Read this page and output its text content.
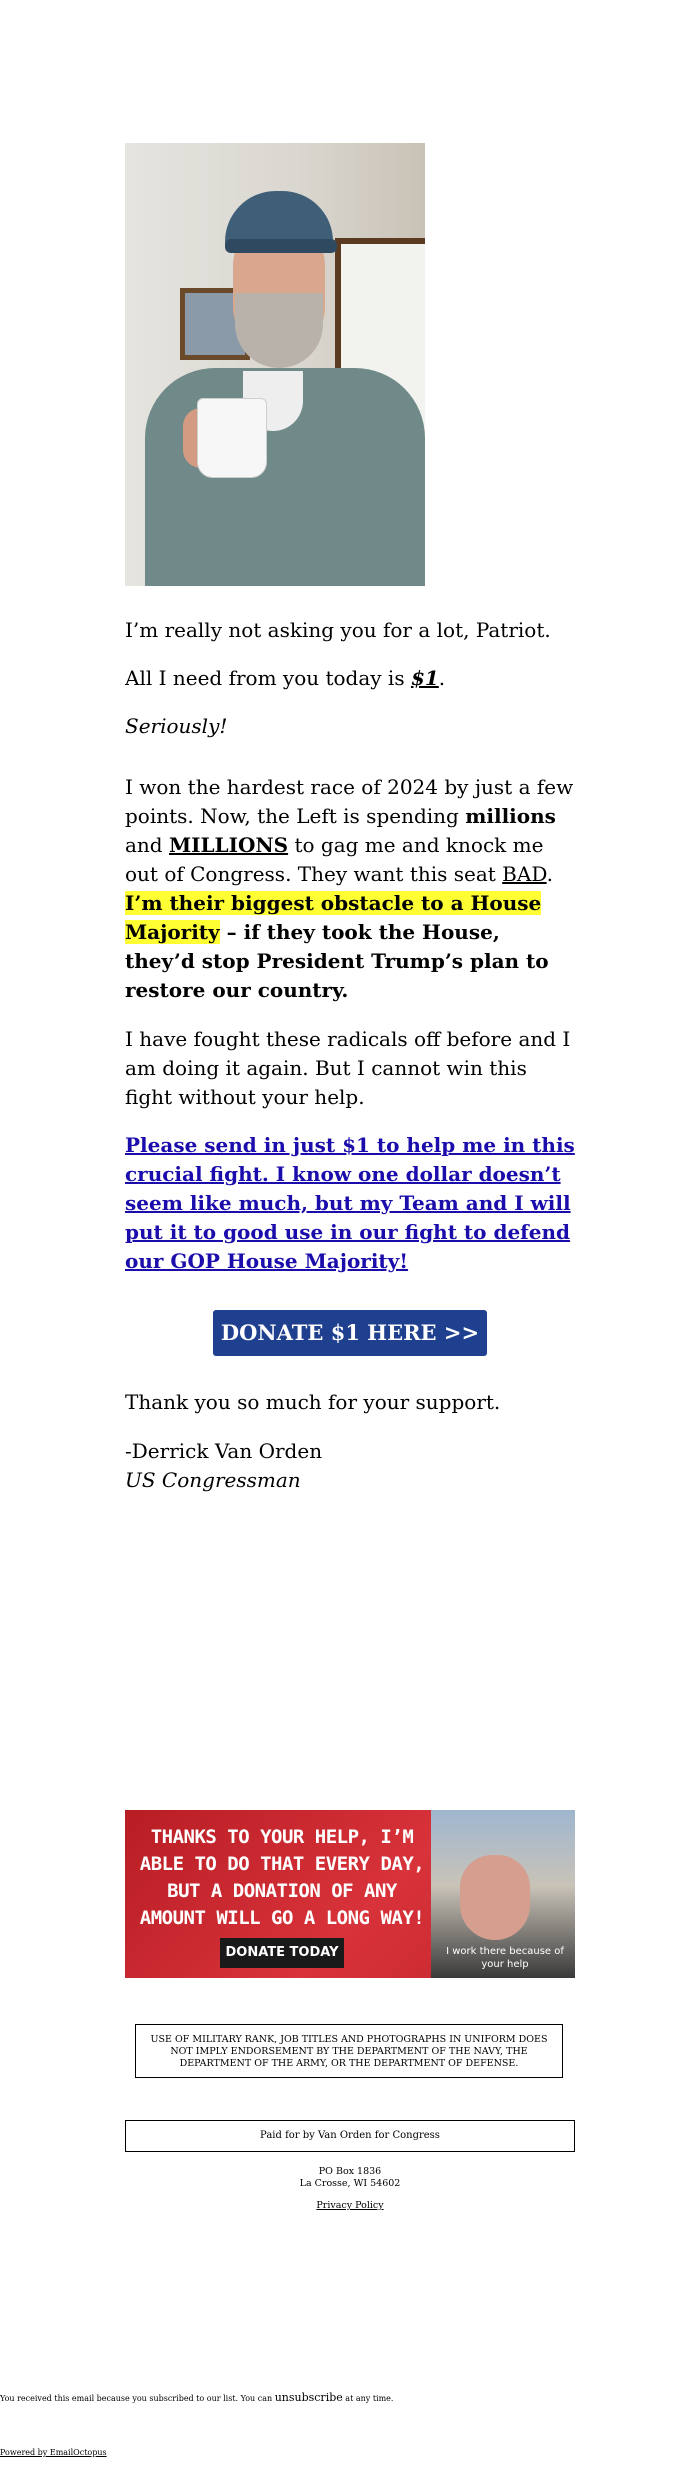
I’m really not asking you for a lot, Patriot.

All I need from you today is $1.

Seriously!

I won the hardest race of 2024 by just a few points. Now, the Left is spending millions and MILLIONS to gag me and knock me out of Congress. They want this seat BAD. I’m their biggest obstacle to a House Majority – if they took the House, they’d stop President Trump’s plan to restore our country.

I have fought these radicals off before and I am doing it again. But I cannot win this fight without your help.

Please send in just $1 to help me in this crucial fight. I know one dollar doesn’t seem like much, but my Team and I will put it to good use in our fight to defend our GOP House Majority!
DONATE $1 HERE >>

Thank you so much for your support.

-Derrick Van Orden

US Congressman

THANKS TO YOUR HELP, I’M ABLE TO DO THAT EVERY DAY, BUT A DONATION OF ANY AMOUNT WILL GO A LONG WAY!
DONATE TODAY	I work there because of your help
USE OF MILITARY RANK, JOB TITLES AND PHOTOGRAPHS IN UNIFORM DOES NOT IMPLY ENDORSEMENT BY THE DEPARTMENT OF THE NAVY, THE DEPARTMENT OF THE ARMY, OR THE DEPARTMENT OF DEFENSE.
Paid for by Van Orden for Congress
PO Box 1836
La Crosse, WI 54602
Privacy Policy
You received this email because you subscribed to our list. You can unsubscribe at any time.
Powered by EmailOctopus
